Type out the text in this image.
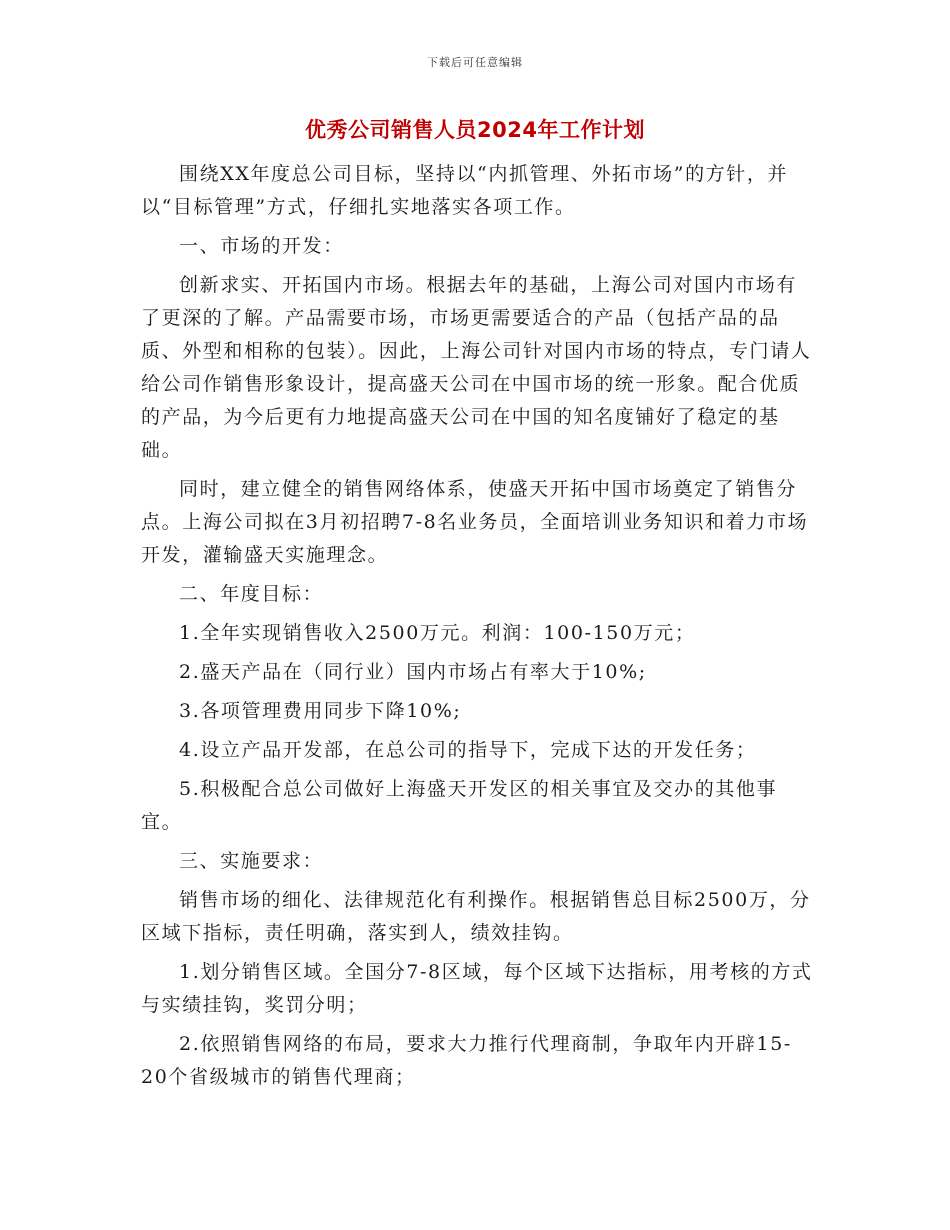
下载后可任意编辑
优秀公司销售人员2024年工作计划

围绕XX年度总公司目标，坚持以“内抓管理、外拓市场”的方针，并以“目标管理”方式，仔细扎实地落实各项工作。

一、市场的开发：

创新求实、开拓国内市场。根据去年的基础，上海公司对国内市场有了更深的了解。产品需要市场，市场更需要适合的产品（包括产品的品质、外型和相称的包装）。因此，上海公司针对国内市场的特点，专门请人给公司作销售形象设计，提高盛天公司在中国市场的统一形象。配合优质的产品，为今后更有力地提高盛天公司在中国的知名度铺好了稳定的基础。

同时，建立健全的销售网络体系，使盛天开拓中国市场奠定了销售分点。上海公司拟在3月初招聘7-8名业务员，全面培训业务知识和着力市场开发，灌输盛天实施理念。

二、年度目标：

1.全年实现销售收入2500万元。利润：100-150万元；

2.盛天产品在（同行业）国内市场占有率大于10%;

3.各项管理费用同步下降10%;

4.设立产品开发部，在总公司的指导下，完成下达的开发任务；

5.积极配合总公司做好上海盛天开发区的相关事宜及交办的其他事宜。

三、实施要求：

销售市场的细化、法律规范化有利操作。根据销售总目标2500万，分区域下指标，责任明确，落实到人，绩效挂钩。

1.划分销售区域。全国分7-8区域，每个区域下达指标，用考核的方式与实绩挂钩，奖罚分明；

2.依照销售网络的布局，要求大力推行代理商制，争取年内开辟15-20个省级城市的销售代理商；
